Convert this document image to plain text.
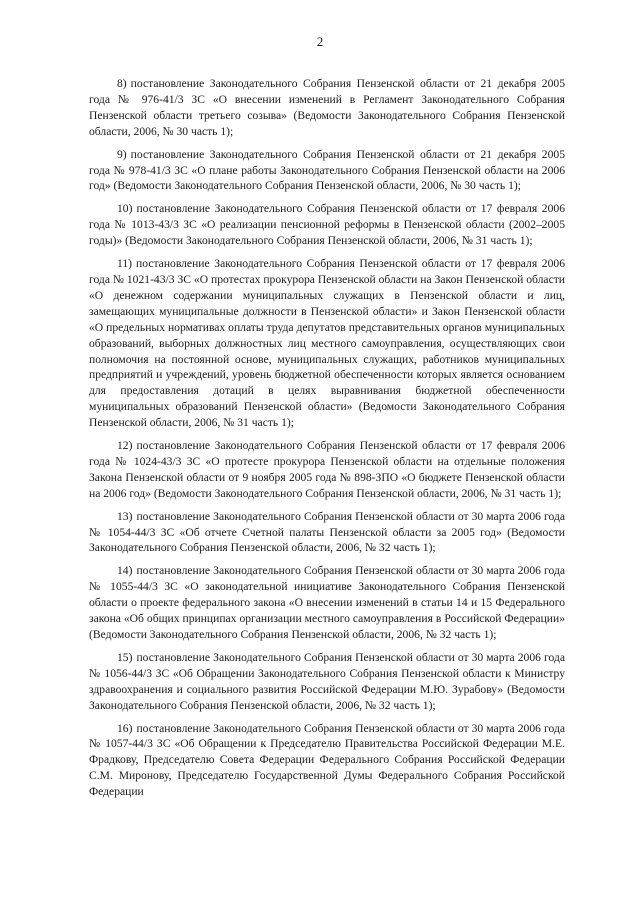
2

8) постановление Законодательного Собрания Пензенской области от 21 декабря 2005 года № 976-41/3 ЗС «О внесении изменений в Регламент Законодательного Собрания Пензенской области третьего созыва» (Ведомости Законодательного Собрания Пензенской области, 2006, № 30 часть 1);

9) постановление Законодательного Собрания Пензенской области от 21 декабря 2005 года № 978-41/3 ЗС «О плане работы Законодательного Собрания Пензенской области на 2006 год» (Ведомости Законодательного Собрания Пензенской области, 2006, № 30 часть 1);

10) постановление Законодательного Собрания Пензенской области от 17 февраля 2006 года № 1013-43/3 ЗС «О реализации пенсионной реформы в Пензенской области (2002–2005 годы)» (Ведомости Законодательного Собрания Пензенской области, 2006, № 31 часть 1);

11) постановление Законодательного Собрания Пензенской области от 17 февраля 2006 года № 1021-43/3 ЗС «О протестах прокурора Пензенской области на Закон Пензенской области «О денежном содержании муниципальных служащих в Пензенской области и лиц, замещающих муниципальные должности в Пензенской области» и Закон Пензенской области «О предельных нормативах оплаты труда депутатов представительных органов муниципальных образований, выборных должностных лиц местного самоуправления, осуществляющих свои полномочия на постоянной основе, муниципальных служащих, работников муниципальных предприятий и учреждений, уровень бюджетной обеспеченности которых является основанием для предоставления дотаций в целях выравнивания бюджетной обеспеченности муниципальных образований Пензенской области» (Ведомости Законодательного Собрания Пензенской области, 2006, № 31 часть 1);

12) постановление Законодательного Собрания Пензенской области от 17 февраля 2006 года № 1024-43/3 ЗС «О протесте прокурора Пензенской области на отдельные положения Закона Пензенской области от 9 ноября 2005 года № 898-ЗПО «О бюджете Пензенской области на 2006 год» (Ведомости Законодательного Собрания Пензенской области, 2006, № 31 часть 1);

13) постановление Законодательного Собрания Пензенской области от 30 марта 2006 года № 1054-44/3 ЗС «Об отчете Счетной палаты Пензенской области за 2005 год» (Ведомости Законодательного Собрания Пензенской области, 2006, № 32 часть 1);

14) постановление Законодательного Собрания Пензенской области от 30 марта 2006 года № 1055-44/3 ЗС «О законодательной инициативе Законодательного Собрания Пензенской области о проекте федерального закона «О внесении изменений в статьи 14 и 15 Федерального закона «Об общих принципах организации местного самоуправления в Российской Федерации» (Ведомости Законодательного Собрания Пензенской области, 2006, № 32 часть 1);

15) постановление Законодательного Собрания Пензенской области от 30 марта 2006 года № 1056-44/3 ЗС «Об Обращении Законодательного Собрания Пензенской области к Министру здравоохранения и социального развития Российской Федерации М.Ю. Зурабову» (Ведомости Законодательного Собрания Пензенской области, 2006, № 32 часть 1);

16) постановление Законодательного Собрания Пензенской области от 30 марта 2006 года № 1057-44/3 ЗС «Об Обращении к Председателю Правительства Российской Федерации М.Е. Фрадкову, Председателю Совета Федерации Федерального Собрания Российской Федерации С.М. Миронову, Председателю Государственной Думы Федерального Собрания Российской Федерации
